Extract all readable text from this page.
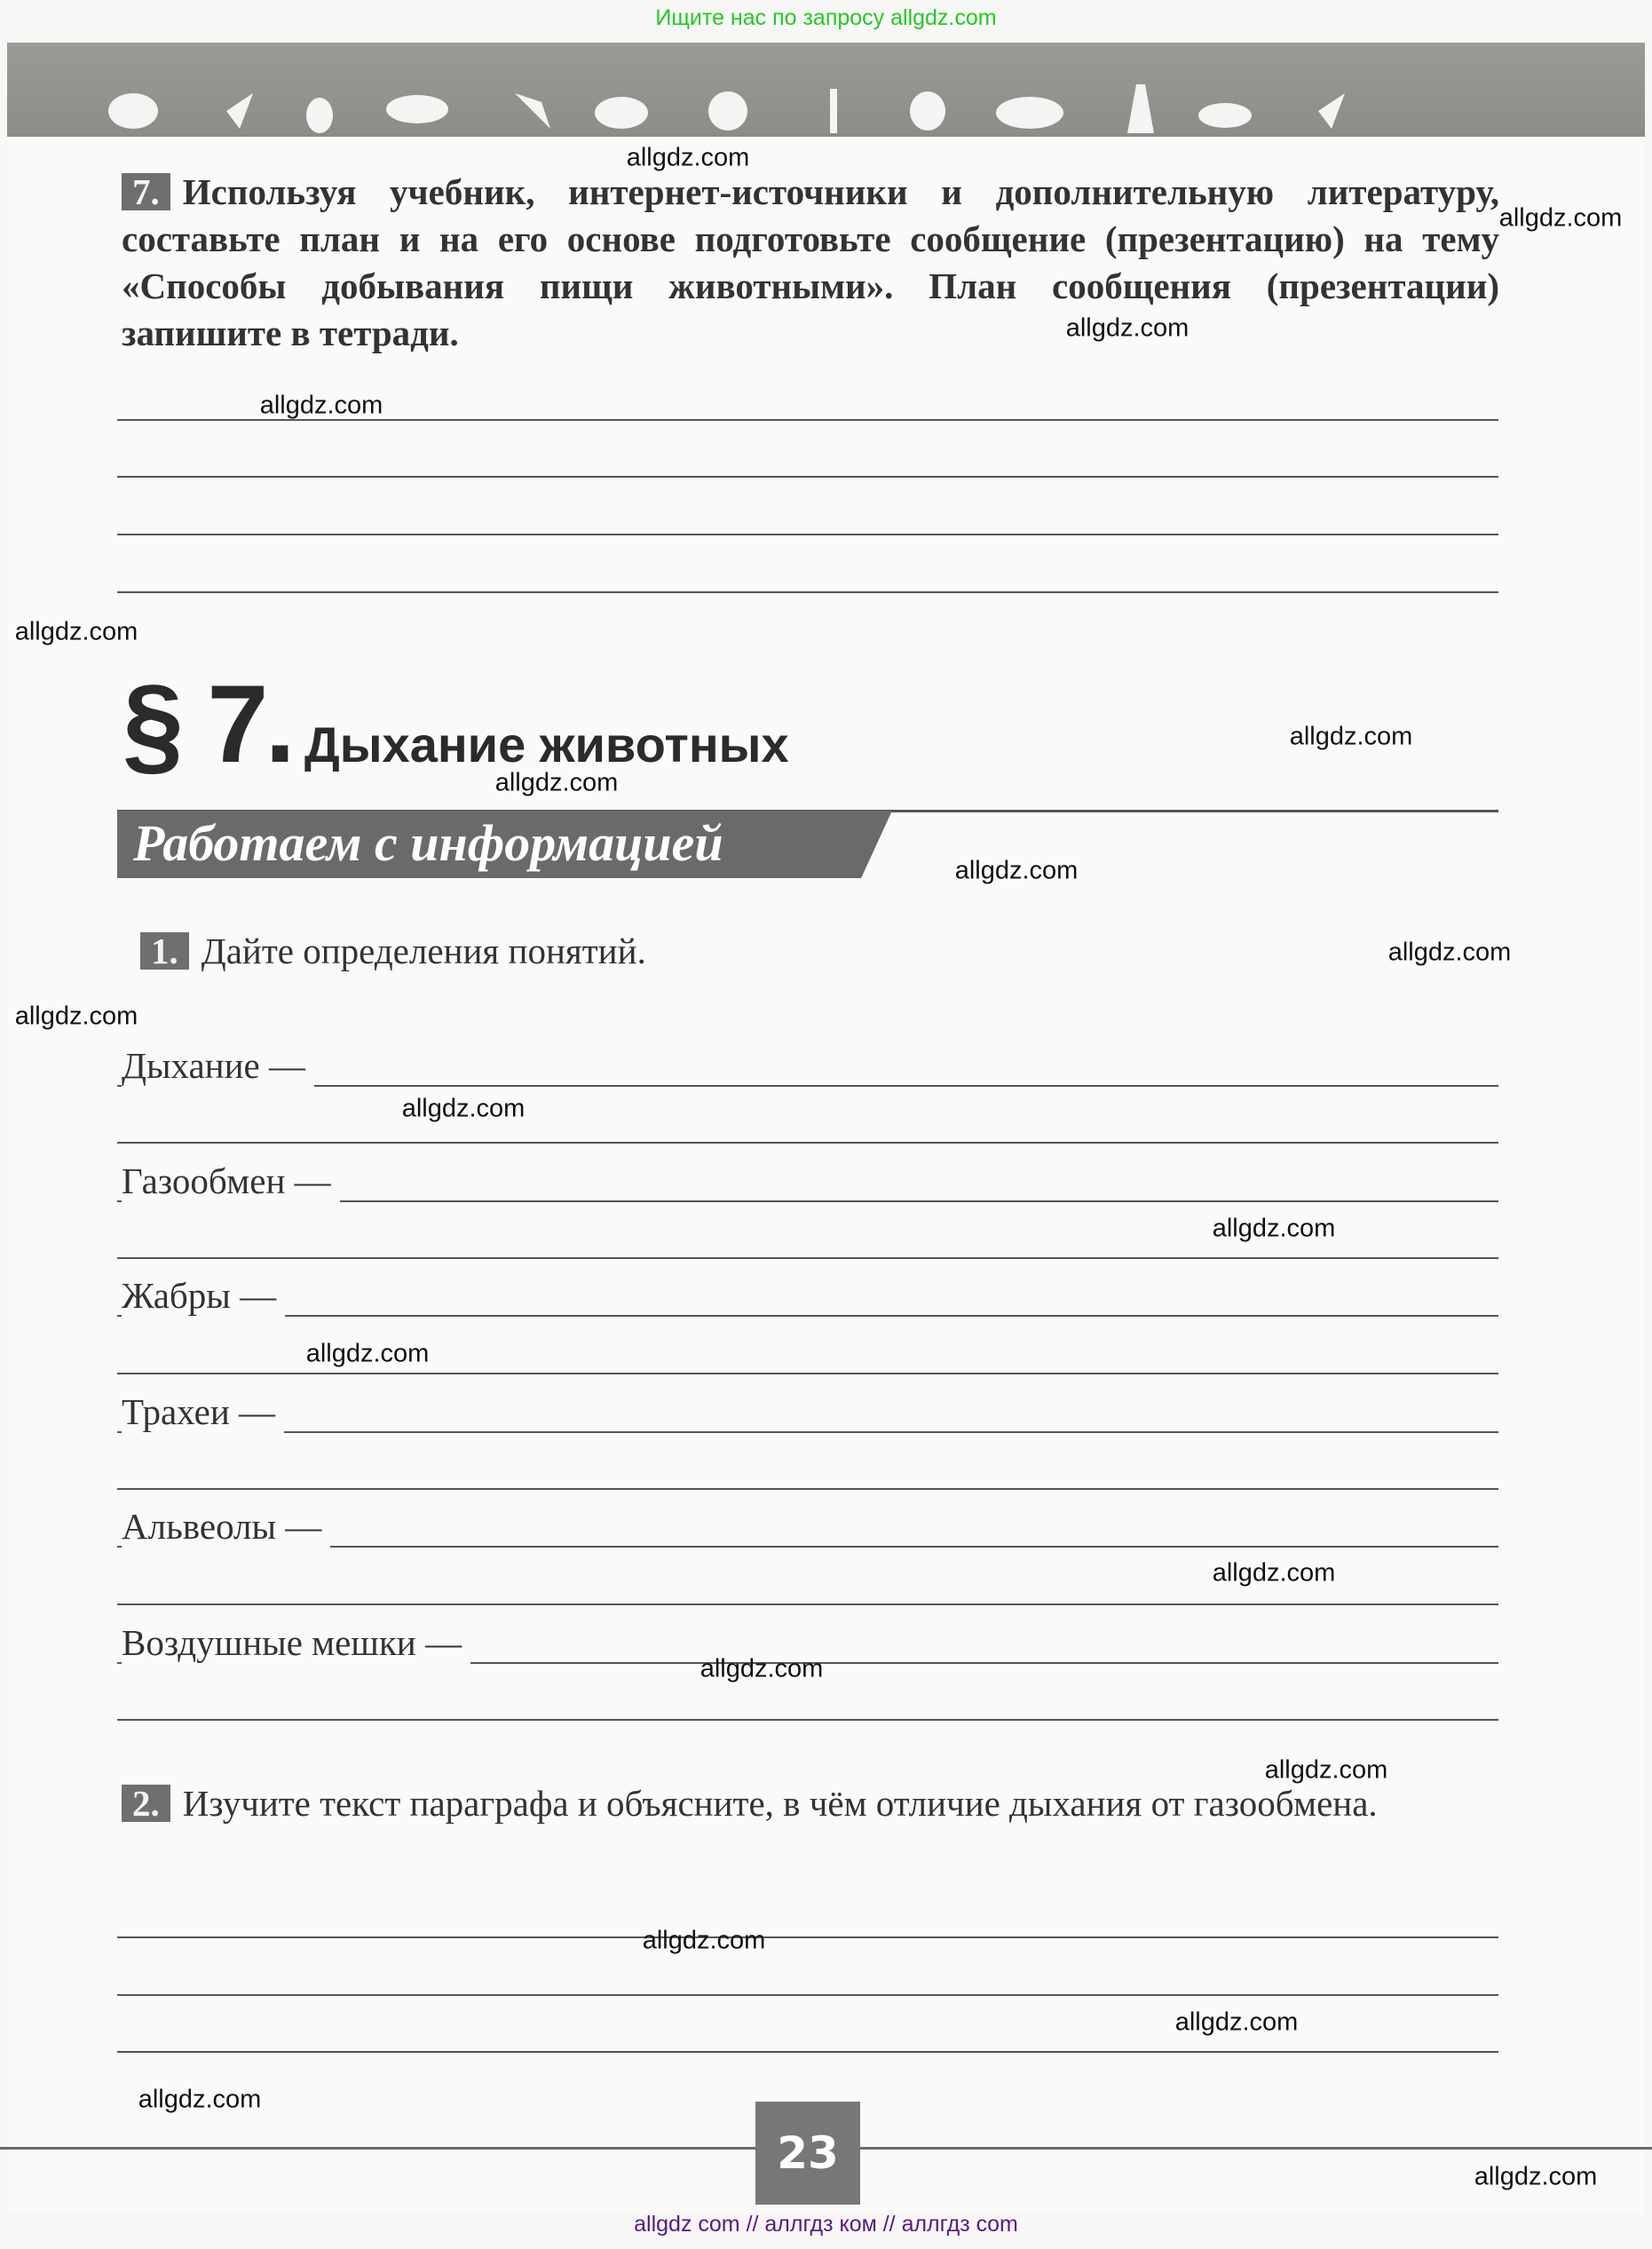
Ищите нас по запросу allgdz.com
7. Используя учебник, интернет-источники и дополнительную литературу, составьте план и на его основе подготовьте сообщение (презентацию) на тему «Способы добывания пищи животными». План сообщения (презентации) запишите в тетради.
§ 7. Дыхание животных
Работаем с информацией
1. Дайте определения понятий.
Дыхание —
Газообмен —
Жабры —
Трахеи —
Альвеолы —
Воздушные мешки —
2. Изучите текст параграфа и объясните, в чём отличие дыхания от газообмена.
23
allgdz com // аллгдз ком // аллгдз com
allgdz.com
allgdz.com
allgdz.com
allgdz.com
allgdz.com
allgdz.com
allgdz.com
allgdz.com
allgdz.com
allgdz.com
allgdz.com
allgdz.com
allgdz.com
allgdz.com
allgdz.com
allgdz.com
allgdz.com
allgdz.com
allgdz.com
allgdz.com
